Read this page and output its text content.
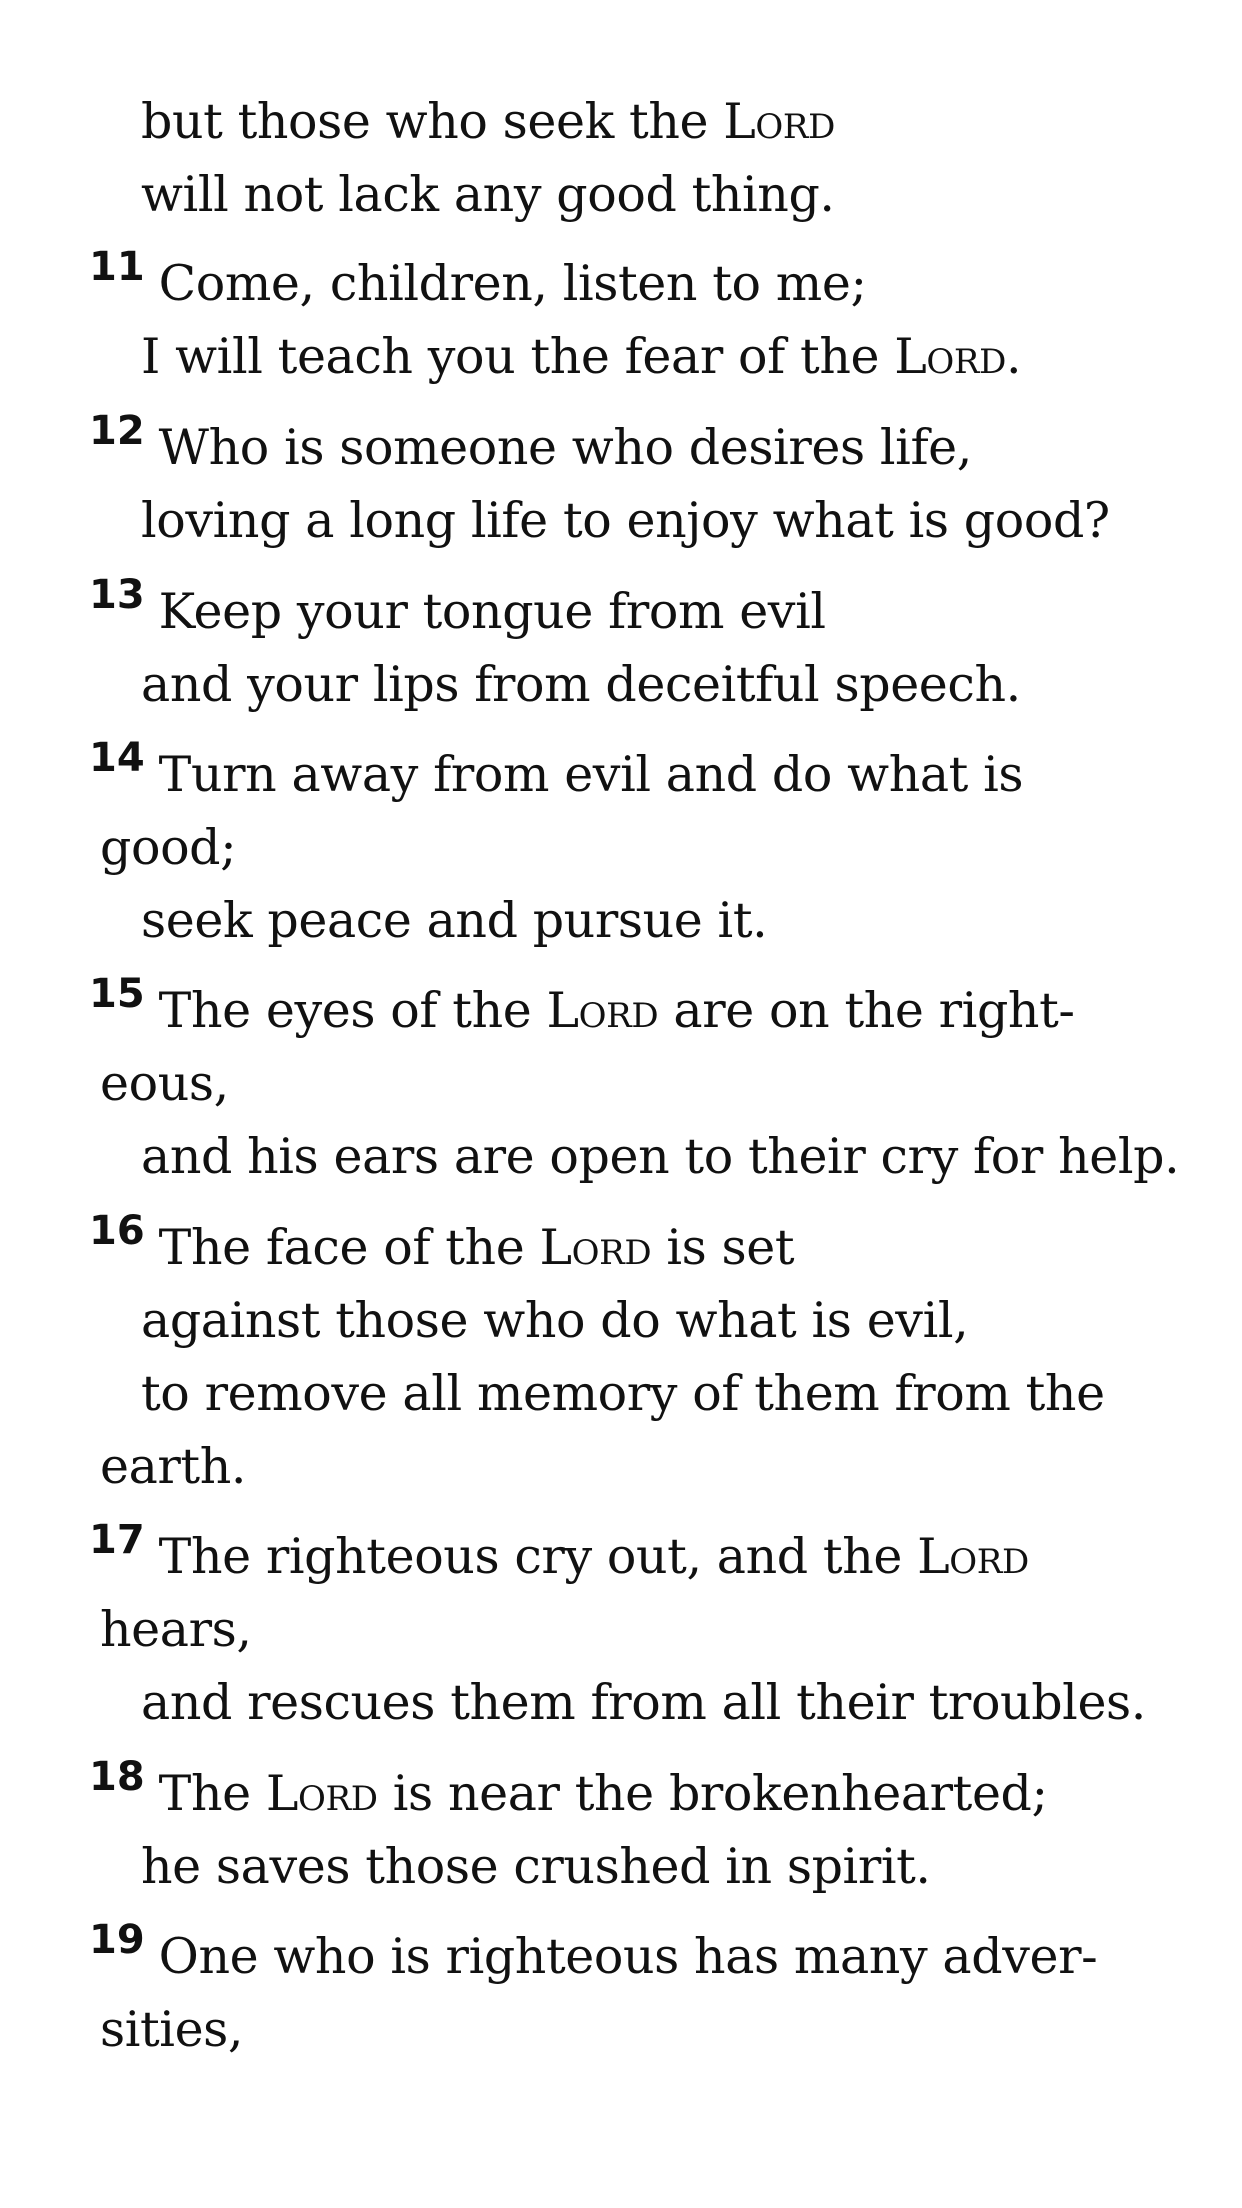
but those who seek the Lord
will not lack any good thing.
$^{11}$ Come, children, listen to me;
I will teach you the fear of the Lord.
$^{12}$ Who is someone who desires life,
loving a long life to enjoy what is good?
$^{13}$ Keep your tongue from evil
and your lips from deceitful speech.
$^{14}$ Turn away from evil and do what is
good;
seek peace and pursue it.
$^{15}$ The eyes of the Lord are on the right-
eous,
and his ears are open to their cry for help.
$^{16}$ The face of the Lord is set
against those who do what is evil,
to remove all memory of them from the
earth.
$^{17}$ The righteous cry out, and the Lord
hears,
and rescues them from all their troubles.
$^{18}$ The Lord is near the brokenhearted;
he saves those crushed in spirit.
$^{19}$ One who is righteous has many adver-
sities,
